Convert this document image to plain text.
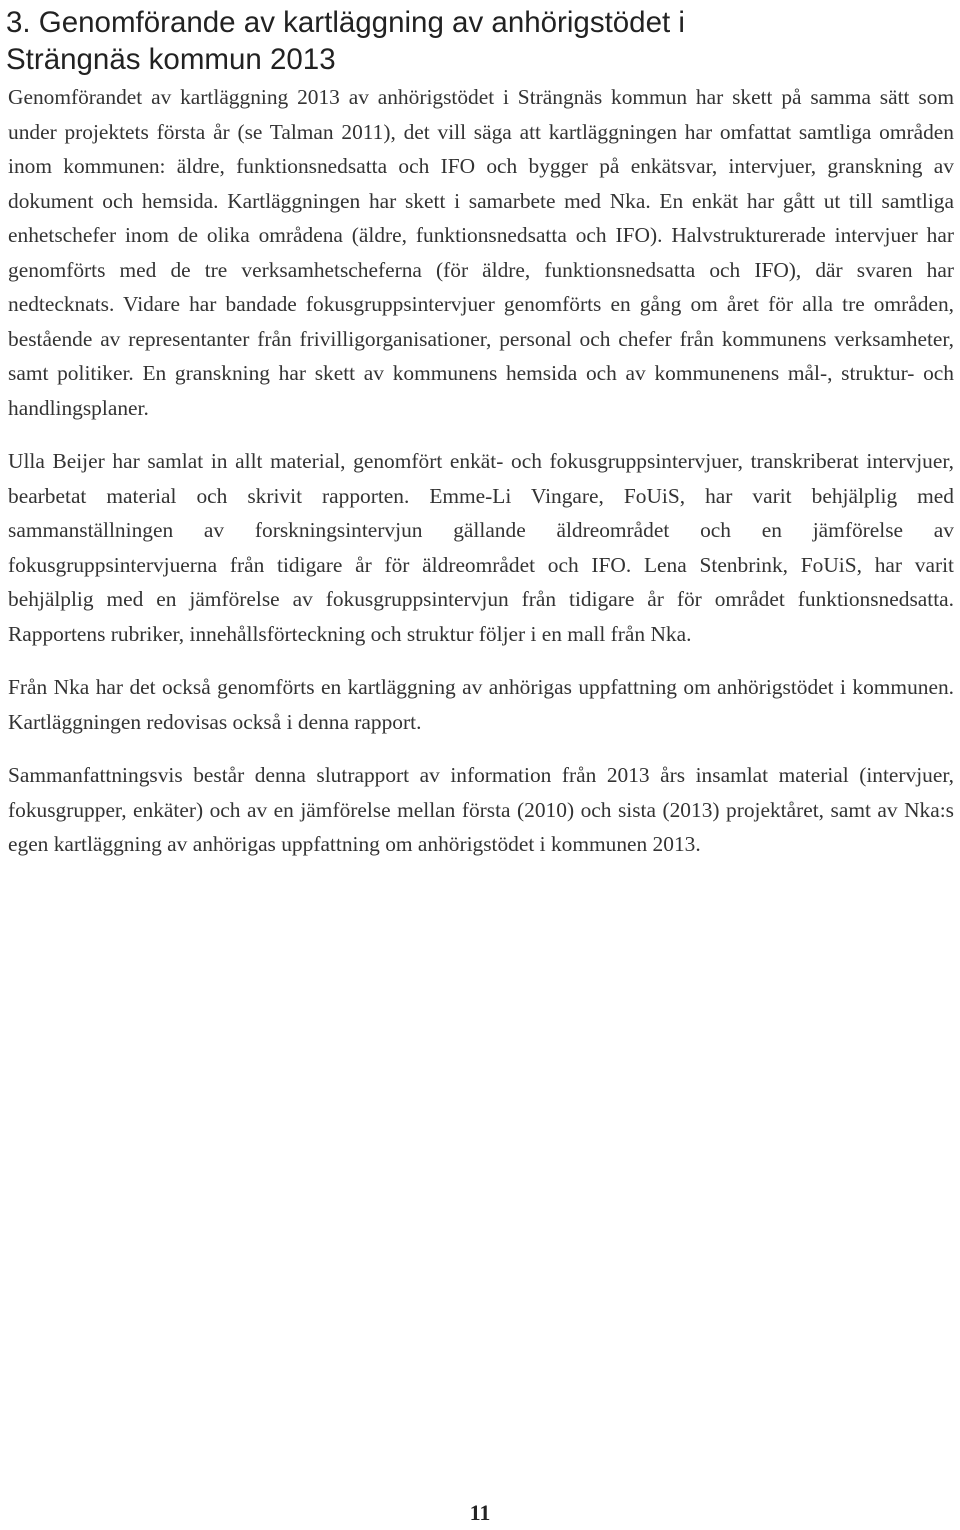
3. Genomförande av kartläggning av anhörigstödet i
Strängnäs kommun 2013

Genomförandet av kartläggning 2013 av anhörigstödet i Strängnäs kommun har skett på samma sätt som under projektets första år (se Talman 2011), det vill säga att kartläggningen har omfattat samtliga områden inom kommunen: äldre, funktionsnedsatta och IFO och bygger på enkätsvar, intervjuer, granskning av dokument och hemsida. Kartläggningen har skett i samarbete med Nka. En enkät har gått ut till samtliga enhetschefer inom de olika områdena (äldre, funktionsnedsatta och IFO). Halvstrukturerade intervjuer har genomförts med de tre verksamhetscheferna (för äldre, funktionsnedsatta och IFO), där svaren har nedtecknats. Vidare har bandade fokusgruppsintervjuer genomförts en gång om året för alla tre områden, bestående av representanter från frivilligorganisationer, personal och chefer från kommunens verksamheter, samt politiker. En granskning har skett av kommunens hemsida och av kommunenens mål-, struktur- och handlingsplaner.

Ulla Beijer har samlat in allt material, genomfört enkät- och fokusgruppsintervjuer, transkriberat intervjuer, bearbetat material och skrivit rapporten. Emme-Li Vingare, FoUiS, har varit behjälplig med sammanställningen av forskningsintervjun gällande äldreområdet och en jämförelse av fokusgruppsintervjuerna från tidigare år för äldreområdet och IFO. Lena Stenbrink, FoUiS, har varit behjälplig med en jämförelse av fokusgruppsintervjun från tidigare år för området funktionsnedsatta. Rapportens rubriker, innehållsförteckning och struktur följer i en mall från Nka.

Från Nka har det också genomförts en kartläggning av anhörigas uppfattning om anhörigstödet i kommunen. Kartläggningen redovisas också i denna rapport.

Sammanfattningsvis består denna slutrapport av information från 2013 års insamlat material (intervjuer, fokusgrupper, enkäter) och av en jämförelse mellan första (2010) och sista (2013) projektåret, samt av Nka:s egen kartläggning av anhörigas uppfattning om anhörigstödet i kommunen 2013.

11
